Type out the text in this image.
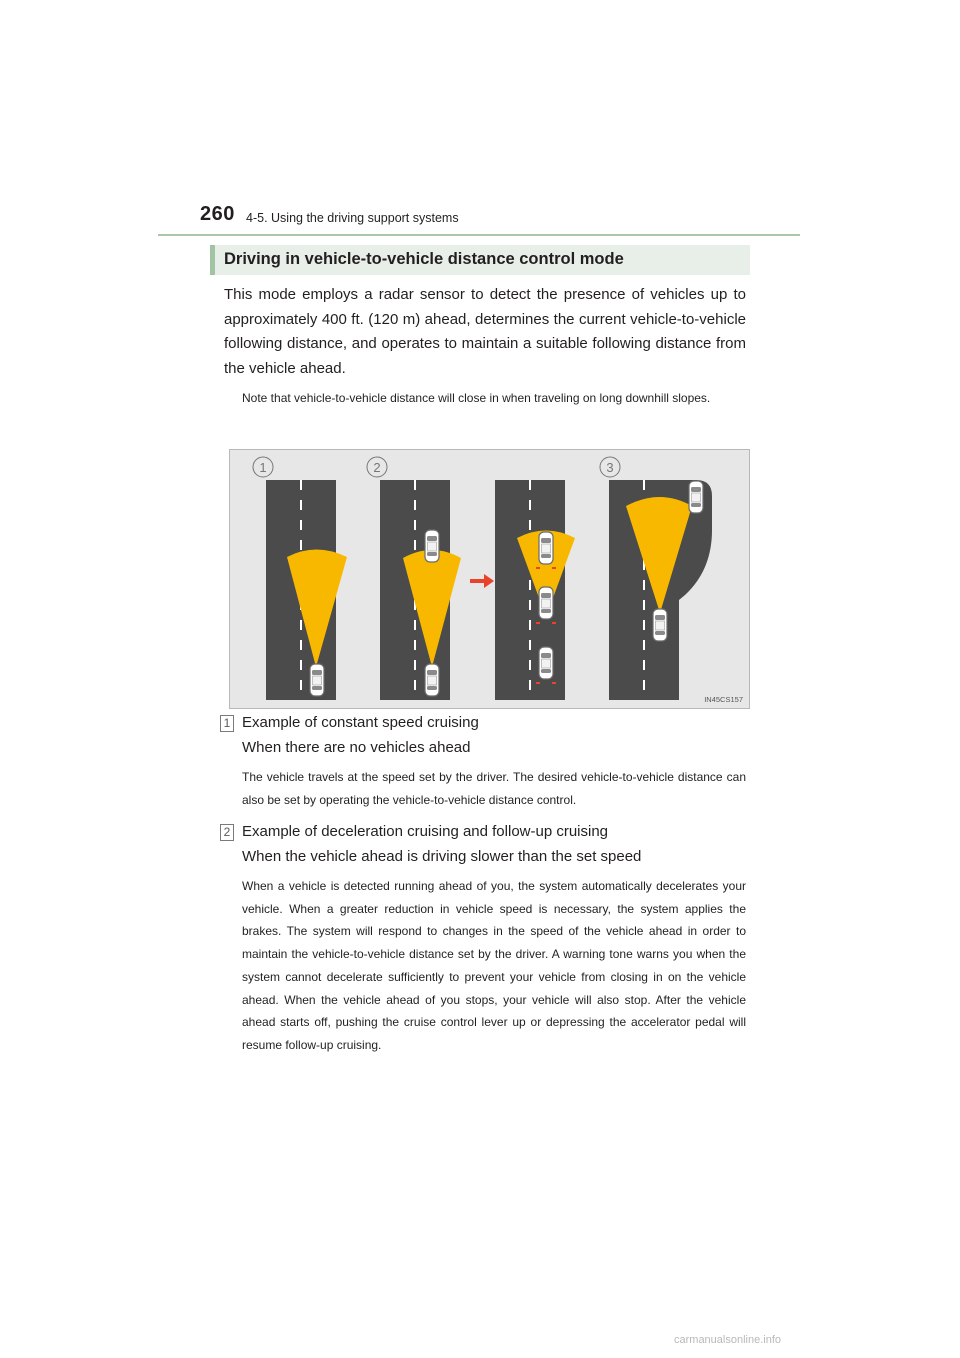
260 4-5. Using the driving support systems
Driving in vehicle-to-vehicle distance control mode

This mode employs a radar sensor to detect the presence of vehicles up to approximately 400 ft. (120 m) ahead, determines the current vehicle-to-vehicle following distance, and operates to maintain a suitable following distance from the vehicle ahead.

Note that vehicle-to-vehicle distance will close in when traveling on long downhill slopes.

1	2	3
IN45CS157
1 Example of constant speed cruising

When there are no vehicles ahead

The vehicle travels at the speed set by the driver. The desired vehicle-to-vehicle distance can also be set by operating the vehicle-to-vehicle distance control.

2 Example of deceleration cruising and follow-up cruising

When the vehicle ahead is driving slower than the set speed

When a vehicle is detected running ahead of you, the system automatically decelerates your vehicle. When a greater reduction in vehicle speed is necessary, the system applies the brakes. The system will respond to changes in the speed of the vehicle ahead in order to maintain the vehicle-to-vehicle distance set by the driver. A warning tone warns you when the system cannot decelerate sufficiently to prevent your vehicle from closing in on the vehicle ahead. When the vehicle ahead of you stops, your vehicle will also stop. After the vehicle ahead starts off, pushing the cruise control lever up or depressing the accelerator pedal will resume follow-up cruising.

carmanualsonline.info
